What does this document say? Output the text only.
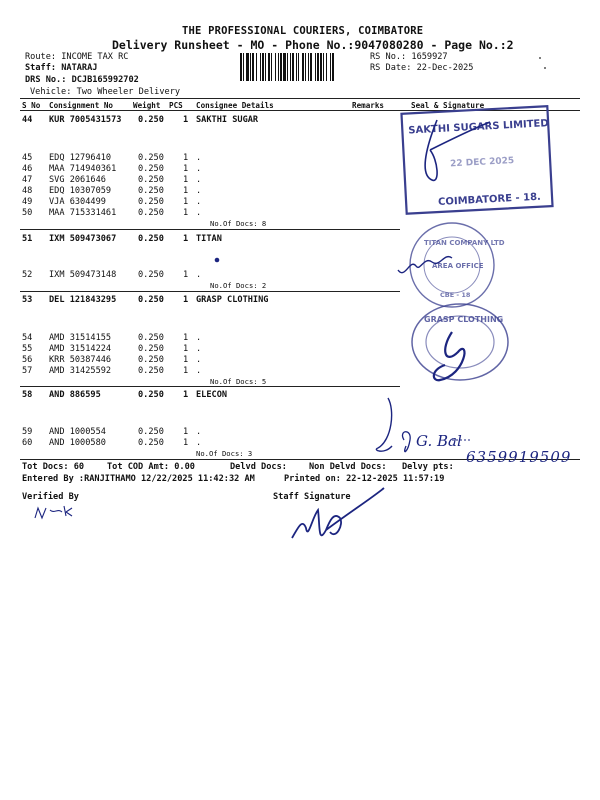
THE PROFESSIONAL COURIERS, COIMBATORE
Delivery Runsheet - MO - Phone No.:9047080280 - Page No.:2
Route: INCOME TAX RC
Staff: NATARAJ
DRS No.: DCJB165992702
Vehicle: Two Wheeler Delivery
RS No.: 1659927
RS Date: 22-Dec-2025
S No Consignment No	Weight PCS Consignee Details	Remarks	Seal & Signature
44 KUR 7005431573 0.250 1 SAKTHI SUGAR
45 EDQ 12796410	0.250 1 .
46 MAA 714940361	0.250 1 .
47 SVG 2061646	0.250 1 .
48 EDQ 10307059	0.250 1 .
49 VJA 6304499	0.250 1 .
50 MAA 715331461	0.250 1 .
No.Of Docs: 8
51 IXM 509473067	0.250 1 TITAN
52 IXM 509473148	0.250 1 .
No.Of Docs: 2
53 DEL 121843295	0.250 1 GRASP CLOTHING
54 AMD 31514155	0.250 1 .
55 AMD 31514224	0.250 1 .
56 KRR 50387446	0.250 1 .
57 AMD 31425592	0.250 1 .
No.Of Docs: 5
58 AND 886595	0.250 1 ELECON
59 AND 1000554	0.250 1 .
60 AND 1000580	0.250 1 .
No.Of Docs: 3
Tot Docs: 60	Tot COD Amt: 0.00	Delvd Docs:	Non Delvd Docs: Delvy pts:
Entered By :RANJITHAMO 12/22/2025 11:42:32 AM	Printed on: 22-12-2025 11:57:19
Verified By	Staff Signature
SAKTHI SUGARS LIMITED
22 DEC 2025
COIMBATORE - 18.
TITAN COMPANY LTD
AREA OFFICE
CBE - 18
GRASP CLOTHING
G. Bal
6359919509
